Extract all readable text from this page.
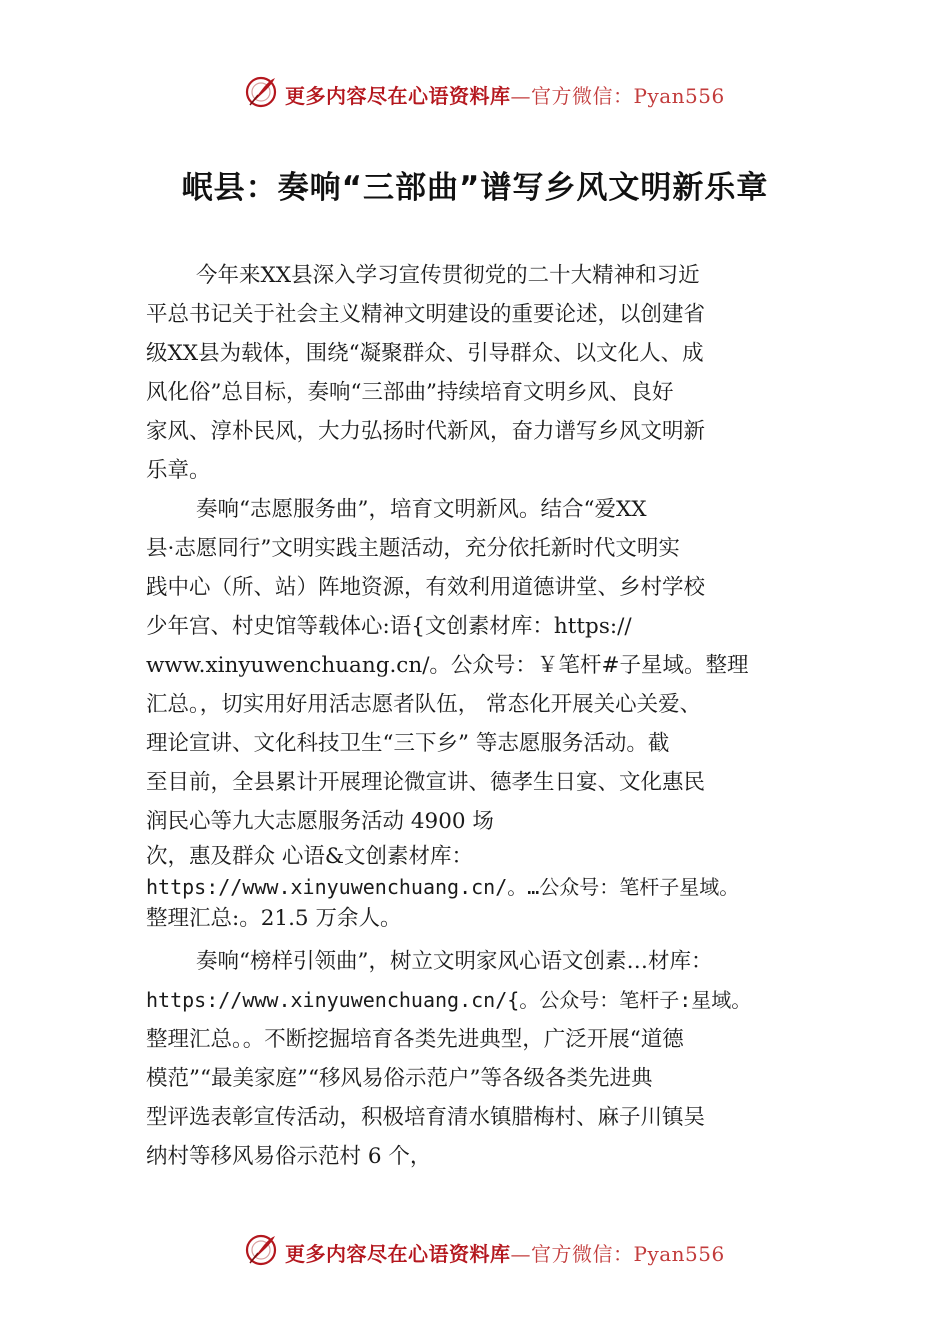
更多内容尽在心语资料库—官方微信：Pyan556
岷县：奏响“三部曲”谱写乡风文明新乐章
今年来XX县深入学习宣传贯彻党的二十大精神和习近
平总书记关于社会主义精神文明建设的重要论述，以创建省
级XX县为载体，围绕“凝聚群众、引导群众、以文化人、成
风化俗”总目标，奏响“三部曲”持续培育文明乡风、良好
家风、淳朴民风，大力弘扬时代新风，奋力谱写乡风文明新
乐章。
奏响“志愿服务曲”，培育文明新风。结合“爱XX
县·志愿同行”文明实践主题活动，充分依托新时代文明实
践中心（所、站）阵地资源，有效利用道德讲堂、乡村学校
少年宫、村史馆等载体心:语{文创素材库：https://
www.xinyuwenchuang.cn/。公众号：￥笔杆#子星域。整理
汇总。，切实用好用活志愿者队伍， 常态化开展关心关爱、
理论宣讲、文化科技卫生“三下乡” 等志愿服务活动。截
至目前，全县累计开展理论微宣讲、德孝生日宴、文化惠民
润民心等九大志愿服务活动 4900 场
次，惠及群众 心语&文创素材库：
https://www.xinyuwenchuang.cn/。…公众号：笔杆子星域。
整理汇总:。21.5 万余人。
奏响“榜样引领曲”，树立文明家风心语文创素…材库：
https://www.xinyuwenchuang.cn/{。公众号：笔杆子:星域。
整理汇总。。不断挖掘培育各类先进典型，广泛开展“道德
模范”“最美家庭”“移风易俗示范户”等各级各类先进典
型评选表彰宣传活动，积极培育清水镇腊梅村、麻子川镇吴
纳村等移风易俗示范村 6 个，
更多内容尽在心语资料库—官方微信：Pyan556
